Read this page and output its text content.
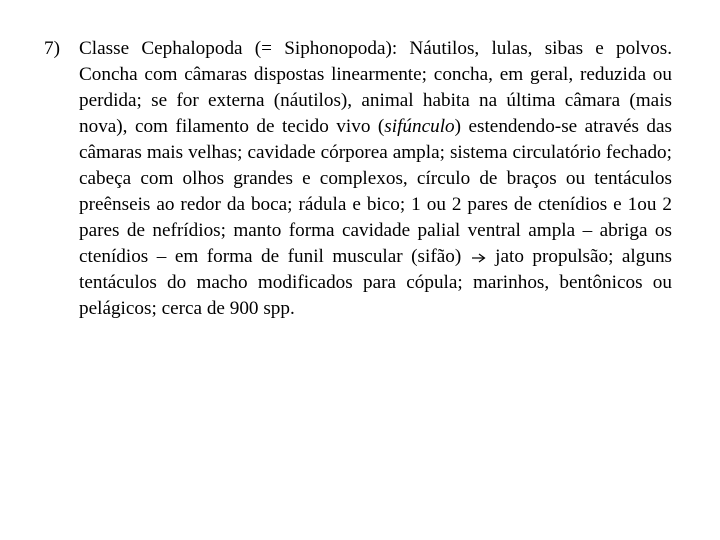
7) Classe Cephalopoda (= Siphonopoda): Náutilos, lulas, sibas e polvos. Concha com câmaras dispostas linearmente; concha, em geral, reduzida ou perdida; se for externa (náutilos), animal habita na última câmara (mais nova), com filamento de tecido vivo (sifúnculo) estendendo-se através das câmaras mais velhas; cavidade córporea ampla; sistema circulatório fechado; cabeça com olhos grandes e complexos, círculo de braços ou tentáculos preênseis ao redor da boca; rádula e bico; 1 ou 2 pares de ctenídios e 1ou 2 pares de nefrídios; manto forma cavidade palial ventral ampla – abriga os ctenídios – em forma de funil muscular (sifão)  jato propulsão; alguns tentáculos do macho modificados para cópula; marinhos, bentônicos ou pelágicos; cerca de 900 spp.
